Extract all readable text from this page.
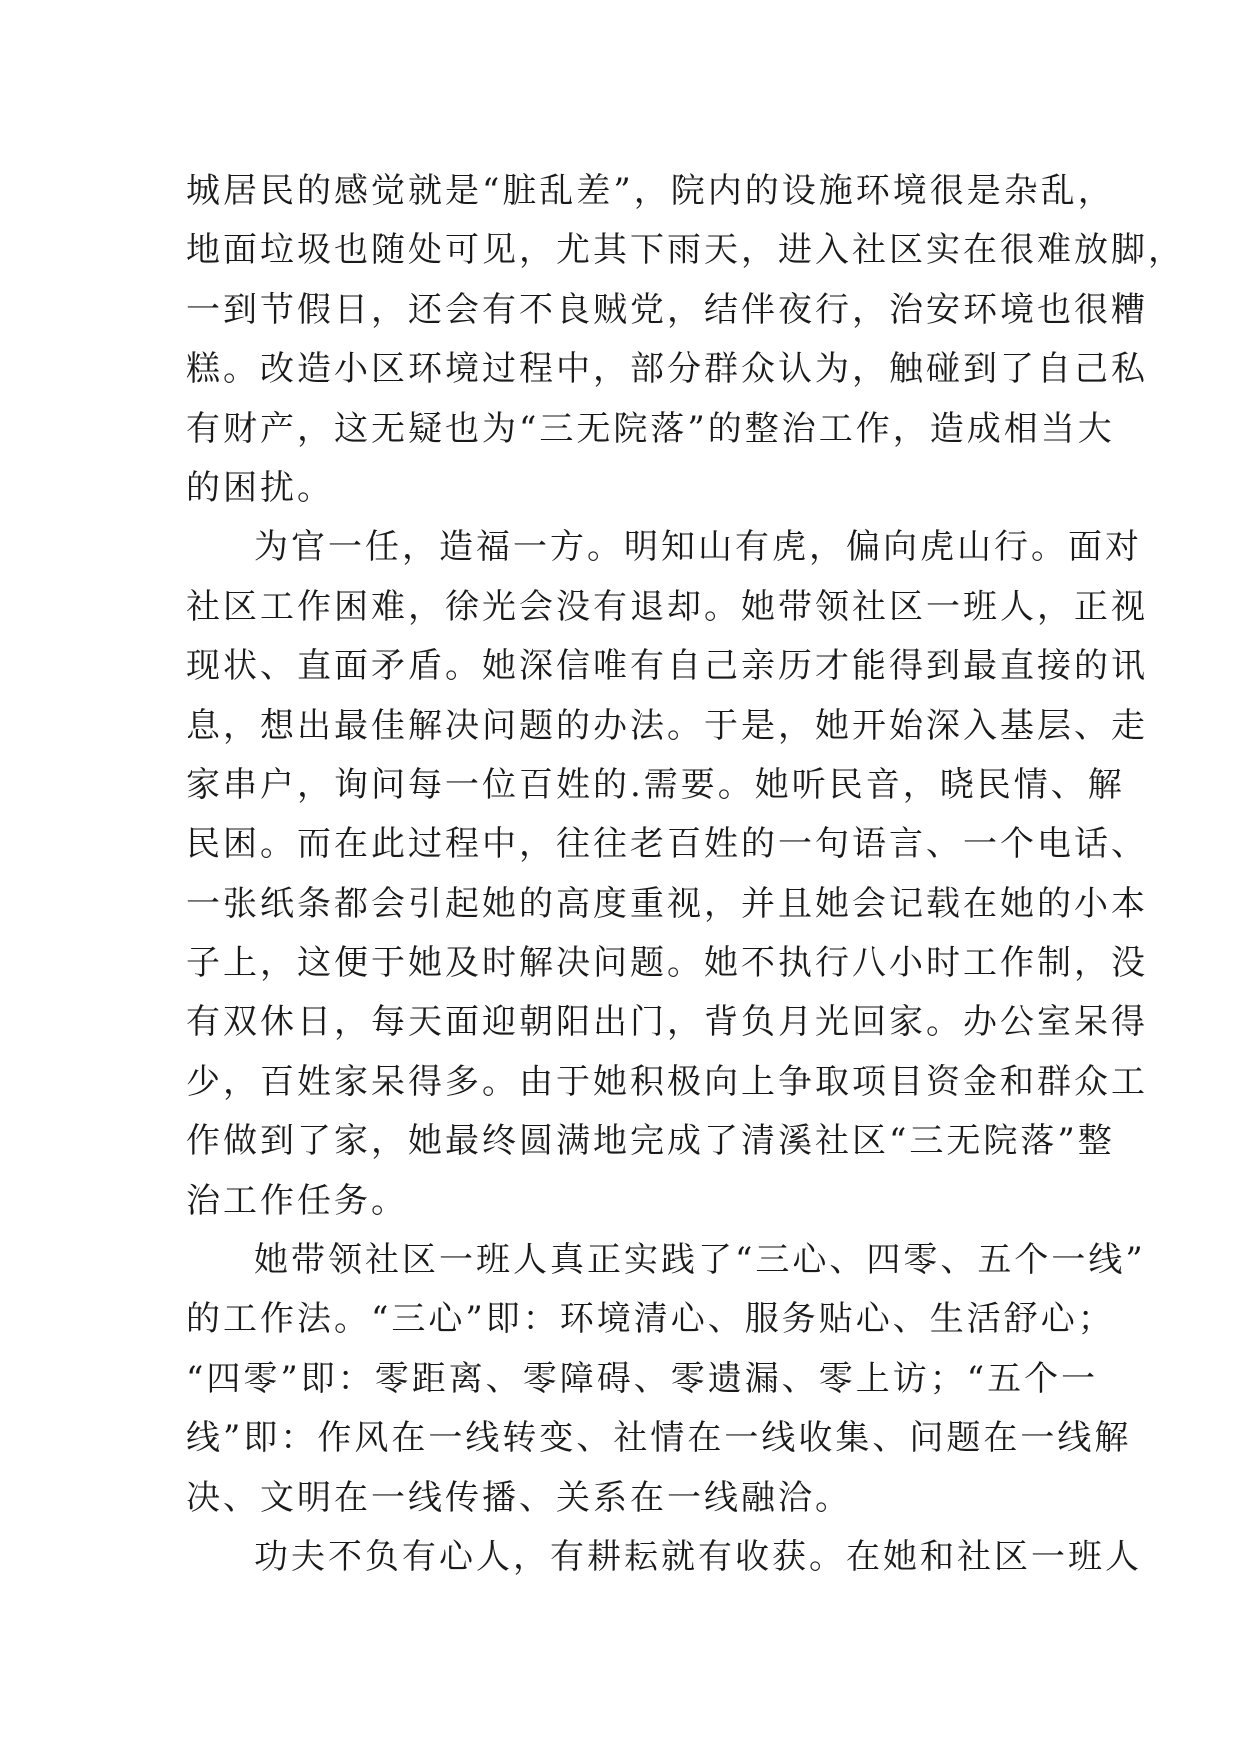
城居民的感觉就是“脏乱差”，院内的设施环境很是杂乱，
地面垃圾也随处可见，尤其下雨天，进入社区实在很难放脚，
一到节假日，还会有不良贼党，结伴夜行，治安环境也很糟
糕。改造小区环境过程中，部分群众认为，触碰到了自己私
有财产，这无疑也为“三无院落”的整治工作，造成相当大
的困扰。
为官一任，造福一方。明知山有虎，偏向虎山行。面对
社区工作困难，徐光会没有退却。她带领社区一班人，正视
现状、直面矛盾。她深信唯有自己亲历才能得到最直接的讯
息，想出最佳解决问题的办法。于是，她开始深入基层、走
家串户，询问每一位百姓的.需要。她听民音，晓民情、解
民困。而在此过程中，往往老百姓的一句语言、一个电话、
一张纸条都会引起她的高度重视，并且她会记载在她的小本
子上，这便于她及时解决问题。她不执行八小时工作制，没
有双休日，每天面迎朝阳出门，背负月光回家。办公室呆得
少，百姓家呆得多。由于她积极向上争取项目资金和群众工
作做到了家，她最终圆满地完成了清溪社区“三无院落”整
治工作任务。
她带领社区一班人真正实践了“三心、四零、五个一线”
的工作法。“三心”即：环境清心、服务贴心、生活舒心；
“四零”即：零距离、零障碍、零遗漏、零上访；“五个一
线”即：作风在一线转变、社情在一线收集、问题在一线解
决、文明在一线传播、关系在一线融洽。
功夫不负有心人，有耕耘就有收获。在她和社区一班人
